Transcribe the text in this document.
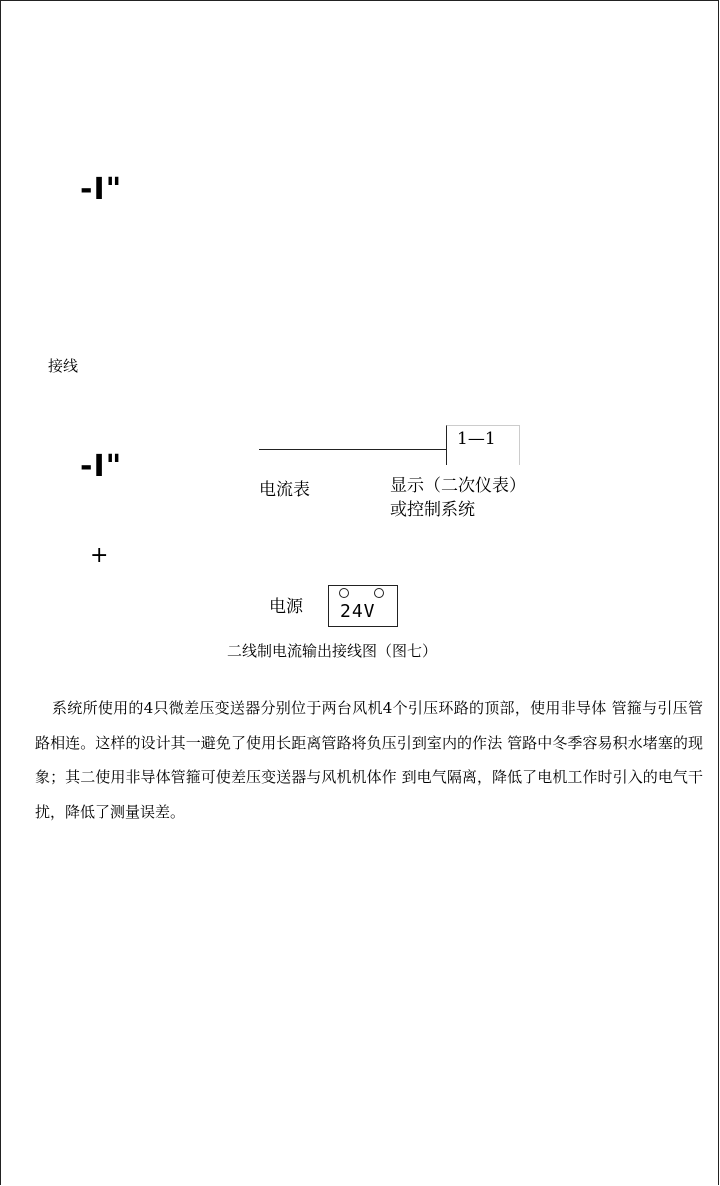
-I"
接线
-I"
+
1—1
电流表	显示（二次仪表）
或控制系统
电源 24V
二线制电流输出接线图（图七）
系统所使用的4只微差压变送器分别位于两台风机4个引压环路的顶部，使用非导体 管箍与引压管路相连。这样的设计其一避免了使用长距离管路将负压引到室内的作法 管路中冬季容易积水堵塞的现象；其二使用非导体管箍可使差压变送器与风机机体作 到电气隔离，降低了电机工作时引入的电气干扰，降低了测量误差。
